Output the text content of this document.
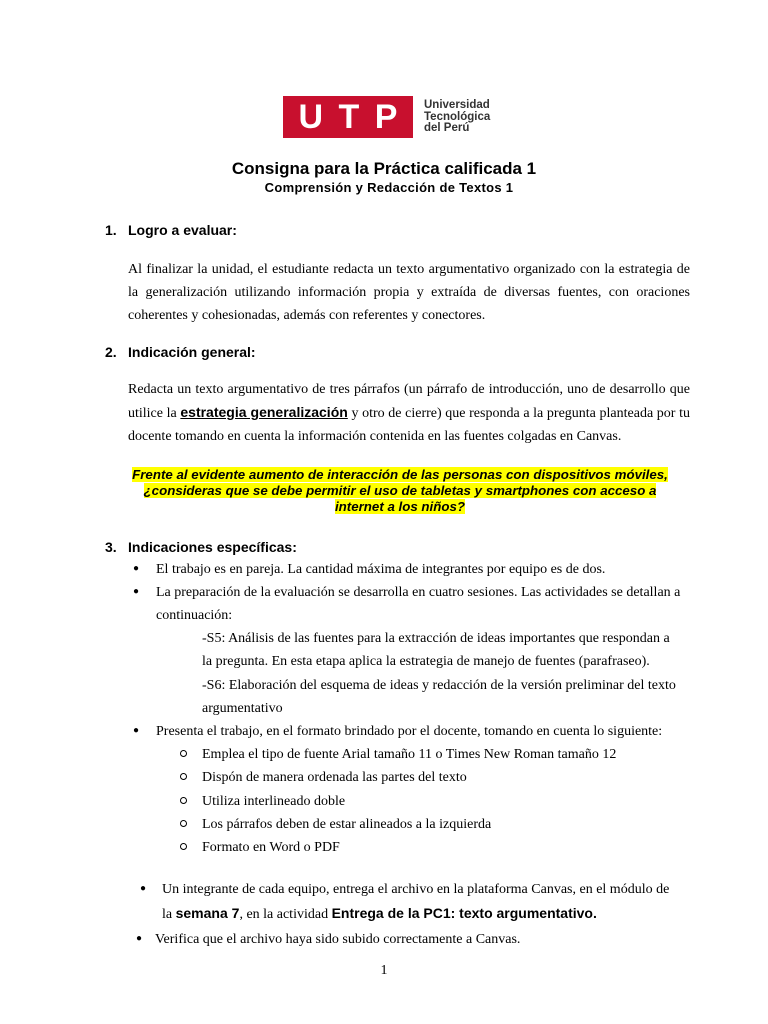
U T P Universidad
Tecnológica
del Perú
Consigna para la Práctica calificada 1
Comprensión y Redacción de Textos 1
1. Logro a evaluar:
Al finalizar la unidad, el estudiante redacta un texto argumentativo organizado con la estrategia de la generalización utilizando información propia y extraída de diversas fuentes, con oraciones coherentes y cohesionadas, además con referentes y conectores.
2. Indicación general:
Redacta un texto argumentativo de tres párrafos (un párrafo de introducción, uno de desarrollo que utilice la estrategia generalización y otro de cierre) que responda a la pregunta planteada por tu docente tomando en cuenta la información contenida en las fuentes colgadas en Canvas.
Frente al evidente aumento de interacción de las personas con dispositivos móviles, ¿consideras que se debe permitir el uso de tabletas y smartphones con acceso a internet a los niños?
3. Indicaciones específicas:
● El trabajo es en pareja. La cantidad máxima de integrantes por equipo es de dos.
● La preparación de la evaluación se desarrolla en cuatro sesiones. Las actividades se detallan a
continuación:
-S5: Análisis de las fuentes para la extracción de ideas importantes que respondan a
la pregunta. En esta etapa aplica la estrategia de manejo de fuentes (parafraseo).
-S6: Elaboración del esquema de ideas y redacción de la versión preliminar del texto
argumentativo
● Presenta el trabajo, en el formato brindado por el docente, tomando en cuenta lo siguiente:
Emplea el tipo de fuente Arial tamaño 11 o Times New Roman tamaño 12
Dispón de manera ordenada las partes del texto
Utiliza interlineado doble
Los párrafos deben de estar alineados a la izquierda
Formato en Word o PDF
● Un integrante de cada equipo, entrega el archivo en la plataforma Canvas, en el módulo de
la semana 7, en la actividad Entrega de la PC1: texto argumentativo.
● Verifica que el archivo haya sido subido correctamente a Canvas.
1
